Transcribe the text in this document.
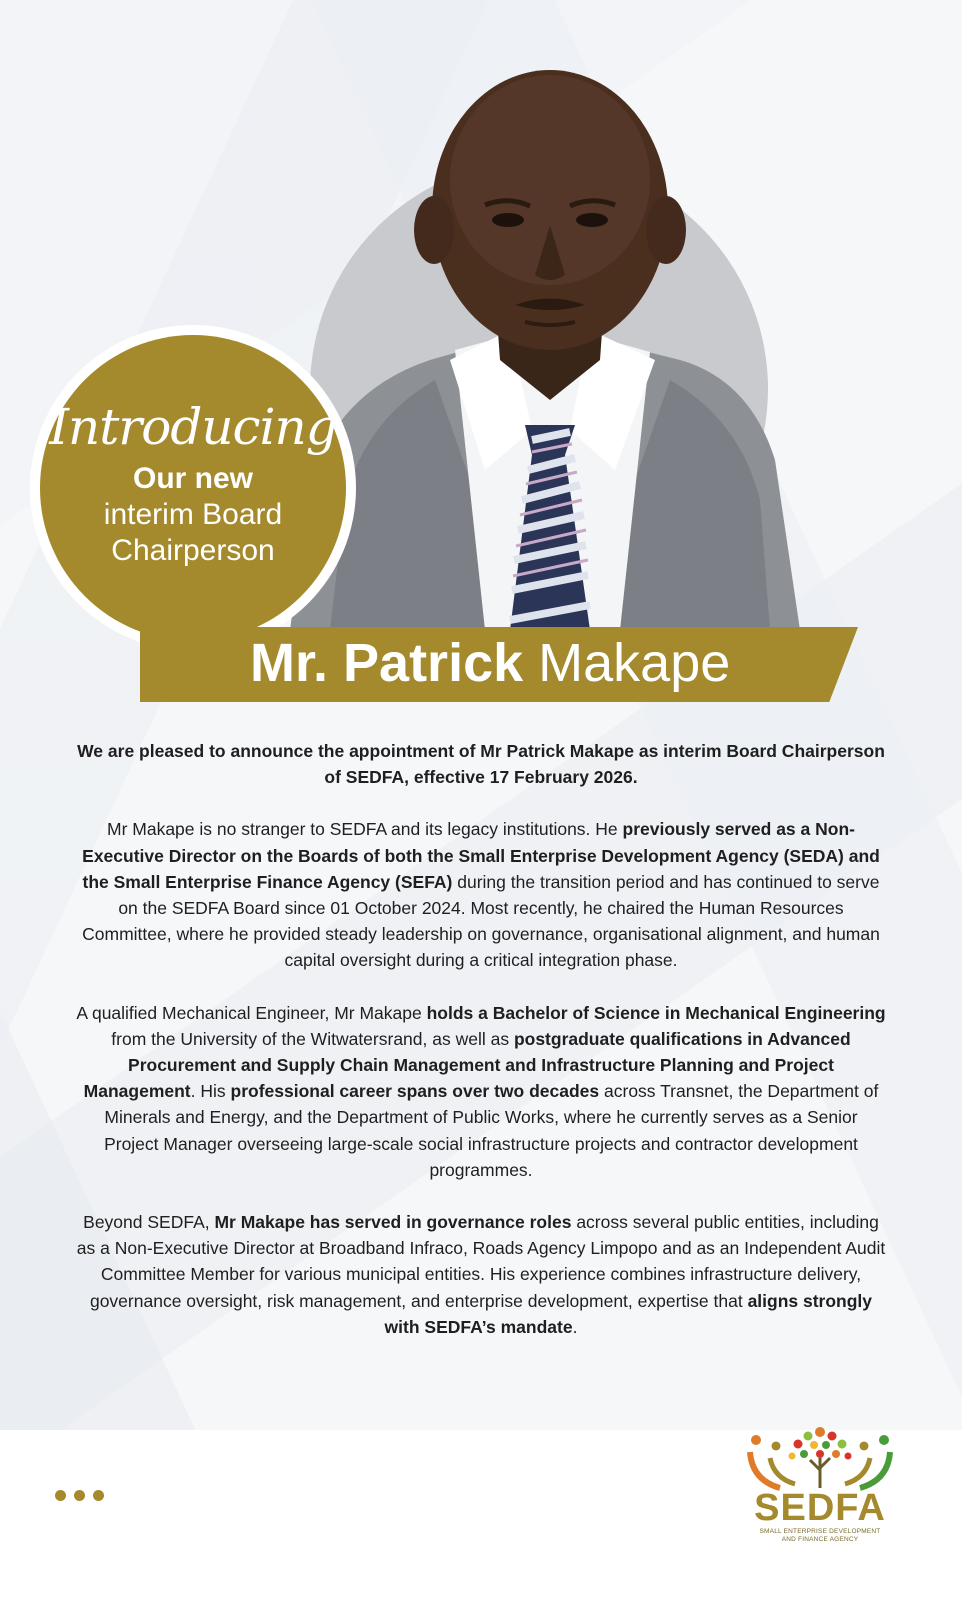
Introducing
Our new
interim Board
Chairperson
Mr. Patrick Makape

We are pleased to announce the appointment of Mr Patrick Makape as interim Board Chairperson of SEDFA, effective 17 February 2026.

Mr Makape is no stranger to SEDFA and its legacy institutions. He previously served as a Non-Executive Director on the Boards of both the Small Enterprise Development Agency (SEDA) and the Small Enterprise Finance Agency (SEFA) during the transition period and has continued to serve on the SEDFA Board since 01 October 2024. Most recently, he chaired the Human Resources Committee, where he provided steady leadership on governance, organisational alignment, and human capital oversight during a critical integration phase.

A qualified Mechanical Engineer, Mr Makape holds a Bachelor of Science in Mechanical Engineering from the University of the Witwatersrand, as well as postgraduate qualifications in Advanced Procurement and Supply Chain Management and Infrastructure Planning and Project Management. His professional career spans over two decades across Transnet, the Department of Minerals and Energy, and the Department of Public Works, where he currently serves as a Senior Project Manager overseeing large-scale social infrastructure projects and contractor development programmes.

Beyond SEDFA, Mr Makape has served in governance roles across several public entities, including as a Non-Executive Director at Broadband Infraco, Roads Agency Limpopo and as an Independent Audit Committee Member for various municipal entities. His experience combines infrastructure delivery, governance oversight, risk management, and enterprise development, expertise that aligns strongly with SEDFA’s mandate.

SEDFA
SMALL ENTERPRISE DEVELOPMENT
AND FINANCE AGENCY
